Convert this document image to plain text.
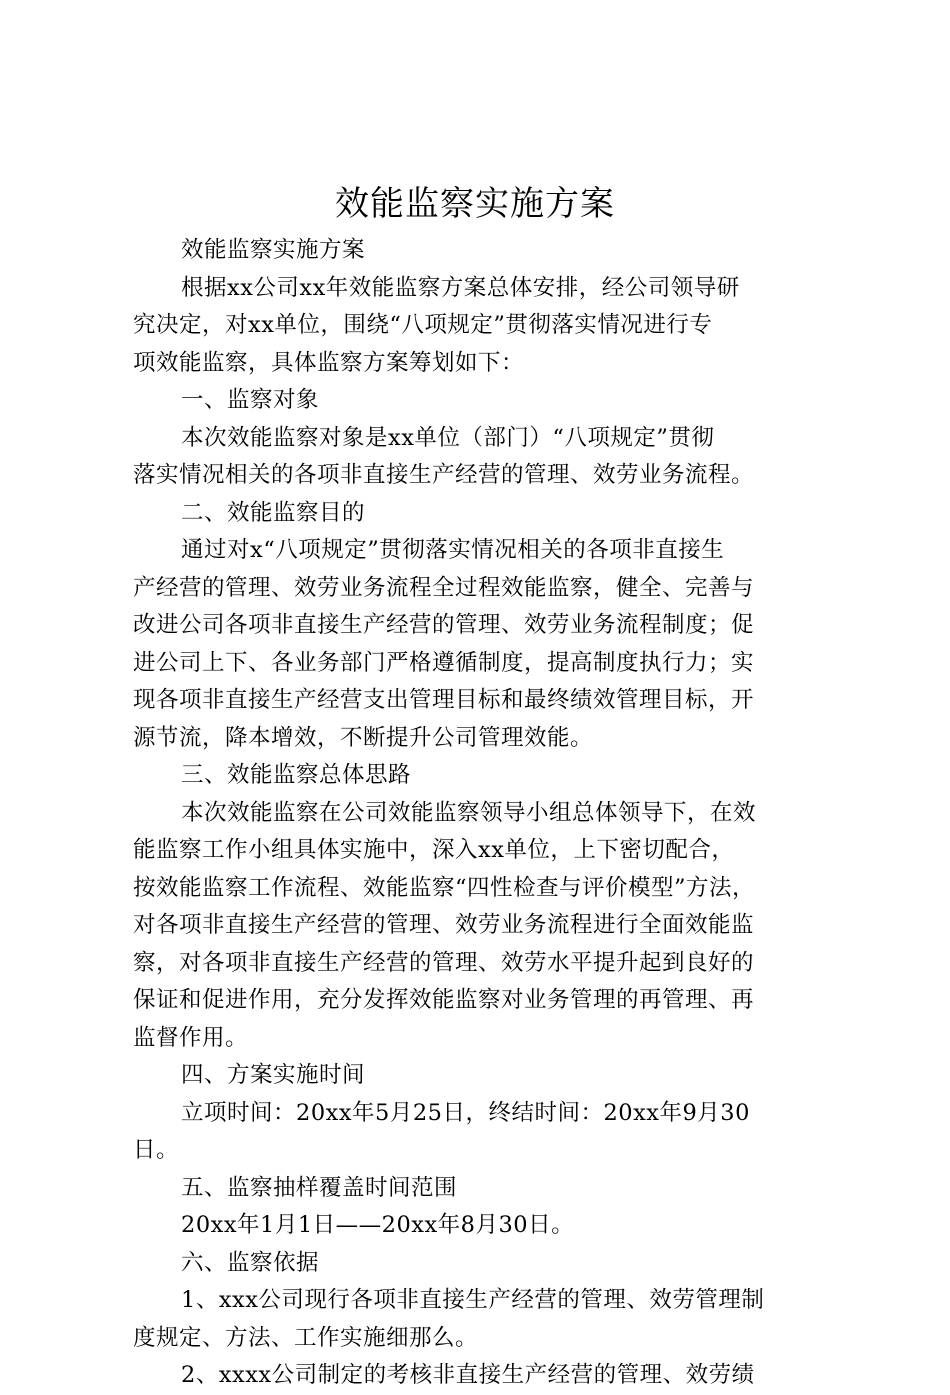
效能监察实施方案
效能监察实施方案
根据xx公司xx年效能监察方案总体安排，经公司领导研
究决定，对xx单位，围绕“八项规定”贯彻落实情况进行专
项效能监察，具体监察方案筹划如下：
一、监察对象
本次效能监察对象是xx单位（部门）“八项规定”贯彻
落实情况相关的各项非直接生产经营的管理、效劳业务流程。
二、效能监察目的
通过对x“八项规定”贯彻落实情况相关的各项非直接生
产经营的管理、效劳业务流程全过程效能监察，健全、完善与
改进公司各项非直接生产经营的管理、效劳业务流程制度；促
进公司上下、各业务部门严格遵循制度，提高制度执行力；实
现各项非直接生产经营支出管理目标和最终绩效管理目标，开
源节流，降本增效，不断提升公司管理效能。
三、效能监察总体思路
本次效能监察在公司效能监察领导小组总体领导下，在效
能监察工作小组具体实施中，深入xx单位，上下密切配合，
按效能监察工作流程、效能监察“四性检查与评价模型”方法，
对各项非直接生产经营的管理、效劳业务流程进行全面效能监
察，对各项非直接生产经营的管理、效劳水平提升起到良好的
保证和促进作用，充分发挥效能监察对业务管理的再管理、再
监督作用。
四、方案实施时间
立项时间：20xx年5月25日，终结时间：20xx年9月30
日。
五、监察抽样覆盖时间范围
20xx年1月1日——20xx年8月30日。
六、监察依据
1、xxx公司现行各项非直接生产经营的管理、效劳管理制
度规定、方法、工作实施细那么。
2、xxxx公司制定的考核非直接生产经营的管理、效劳绩
